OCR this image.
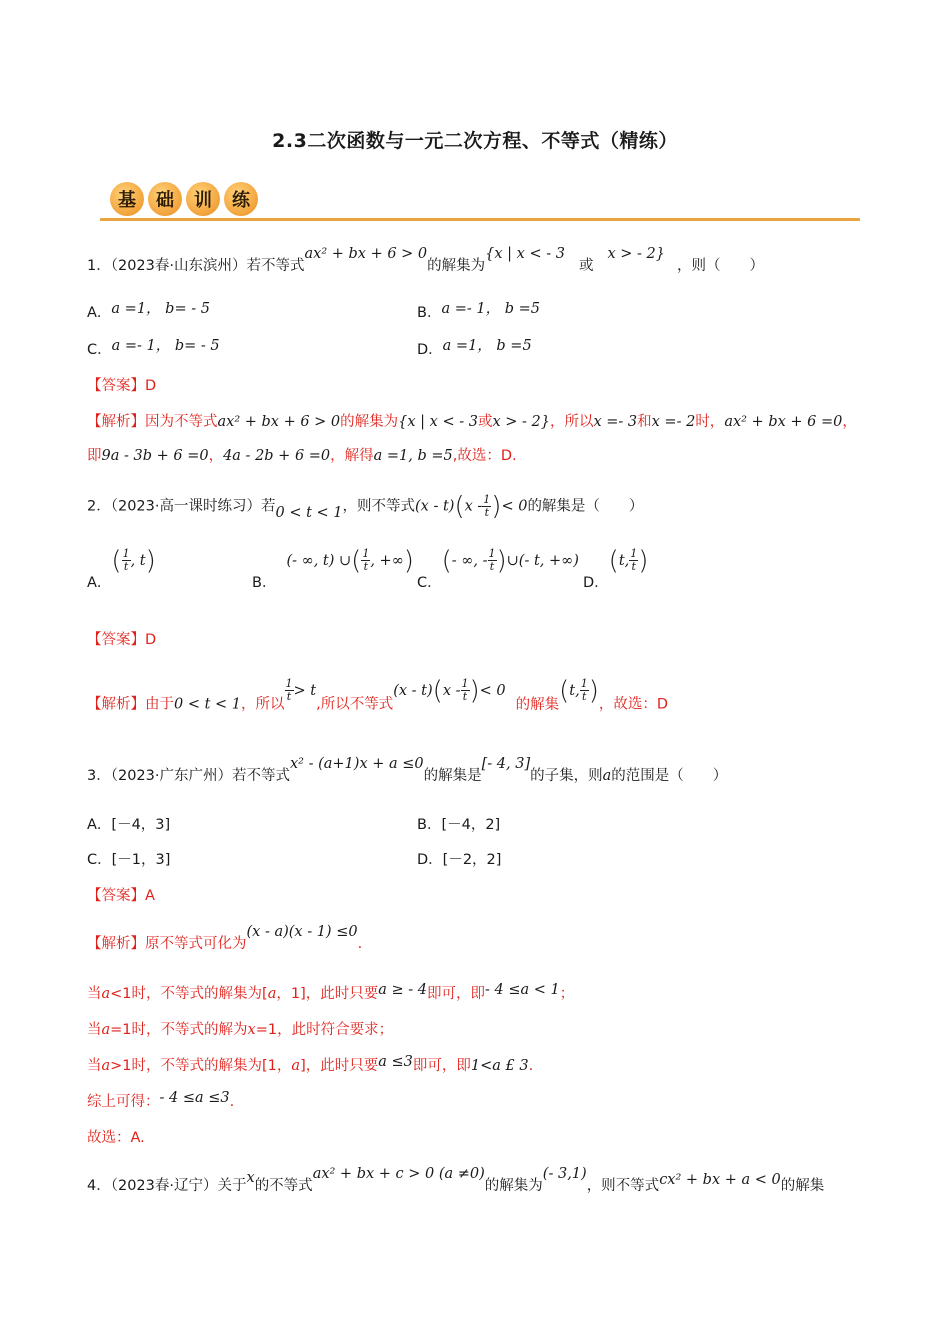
2.3二次函数与一元二次方程、不等式（精练）
基	础	训	练
1．（2023春·山东滨州）若不等式ax² + bx + 6 > 0的解集为{x | x < - 3或x > - 2}，则（　　）
A．a =1， b= - 5	B．a =- 1， b =5
C．a =- 1， b= - 5	D．a =1， b =5
【答案】D
【解析】因为不等式ax² + bx + 6 > 0的解集为{x | x < - 3或x > - 2}，所以x =- 3和x =- 2时，ax² + bx + 6 =0，
即9a - 3b + 6 =0，4a - 2b + 6 =0，解得a =1, b =5,故选：D.
2．（2023·高一课时练习）若0 < t < 1，则不等式$(x - t)(x - \frac{1}{t}$ )< 0的解集是（　　）
A．( $\frac{1}{t}$ , t)
B．(- ∞, t) ∪( $\frac{1}{t}$ , +∞)
C．(- ∞, - $\frac{1}{t}$ )∪(- t, +∞)
D．(t, $\frac{1}{t}$ )
【答案】D
【解析】由于0 < t < 1，所以
$\frac{1}{t} > t$,所以不等式$(x - t)(x - \frac{1}{t}$ )< 0的解集(t, $\frac{1}{t}$ )，故选：D
3．（2023·广东广州）若不等式x² - (a+1)x + a ≤0的解集是[- 4, 3]的子集，则a的范围是（　　）
A．[－4，3]	B．[－4，2]
C．[－1，3]	D．[－2，2]
【答案】A
【解析】原不等式可化为(x - a)(x - 1) ≤0.
当a<1时，不等式的解集为[a，1]，此时只要a ≥ - 4即可，即- 4 ≤a < 1；
当a=1时，不等式的解为x=1，此时符合要求；
当a>1时，不等式的解集为[1，a]，此时只要a ≤3即可，即1<a £ 3.
综上可得：- 4 ≤a ≤3.
故选：A.
4．（2023春·辽宁）关于x的不等式ax² + bx + c > 0 (a ≠0)的解集为(- 3,1)，则不等式cx² + bx + a < 0的解集
